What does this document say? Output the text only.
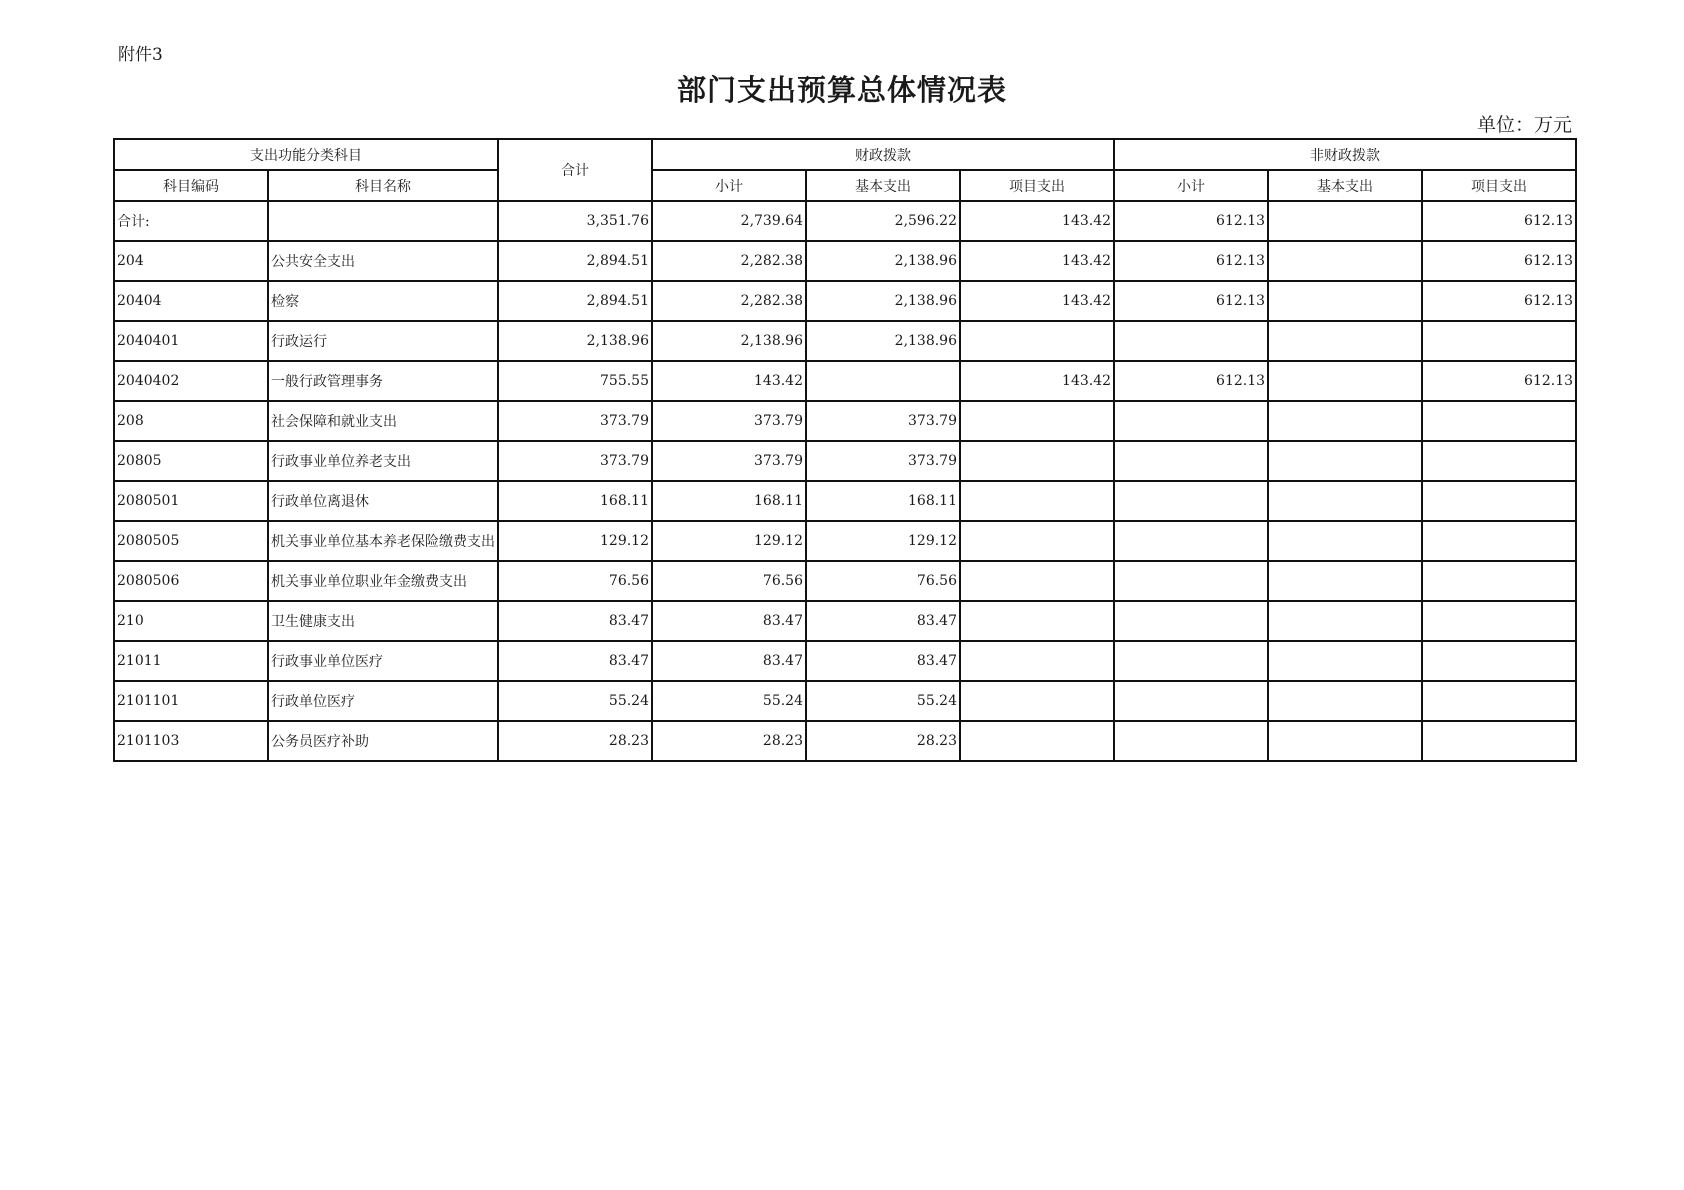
附件3
部门支出预算总体情况表
单位：万元
支出功能分类科目		合计	财政拨款			非财政拨款		
科目编码	科目名称		小计	基本支出	项目支出	小计	基本支出	项目支出
合计:		3,351.76	2,739.64	2,596.22	143.42	612.13		612.13
204	公共安全支出	2,894.51	2,282.38	2,138.96	143.42	612.13		612.13
20404	检察	2,894.51	2,282.38	2,138.96	143.42	612.13		612.13
2040401	行政运行	2,138.96	2,138.96	2,138.96				
2040402	一般行政管理事务	755.55	143.42		143.42	612.13		612.13
208	社会保障和就业支出	373.79	373.79	373.79				
20805	行政事业单位养老支出	373.79	373.79	373.79				
2080501	行政单位离退休	168.11	168.11	168.11				
2080505	机关事业单位基本养老保险缴费支出	129.12	129.12	129.12				
2080506	机关事业单位职业年金缴费支出	76.56	76.56	76.56				
210	卫生健康支出	83.47	83.47	83.47				
21011	行政事业单位医疗	83.47	83.47	83.47				
2101101	行政单位医疗	55.24	55.24	55.24				
2101103	公务员医疗补助	28.23	28.23	28.23				
